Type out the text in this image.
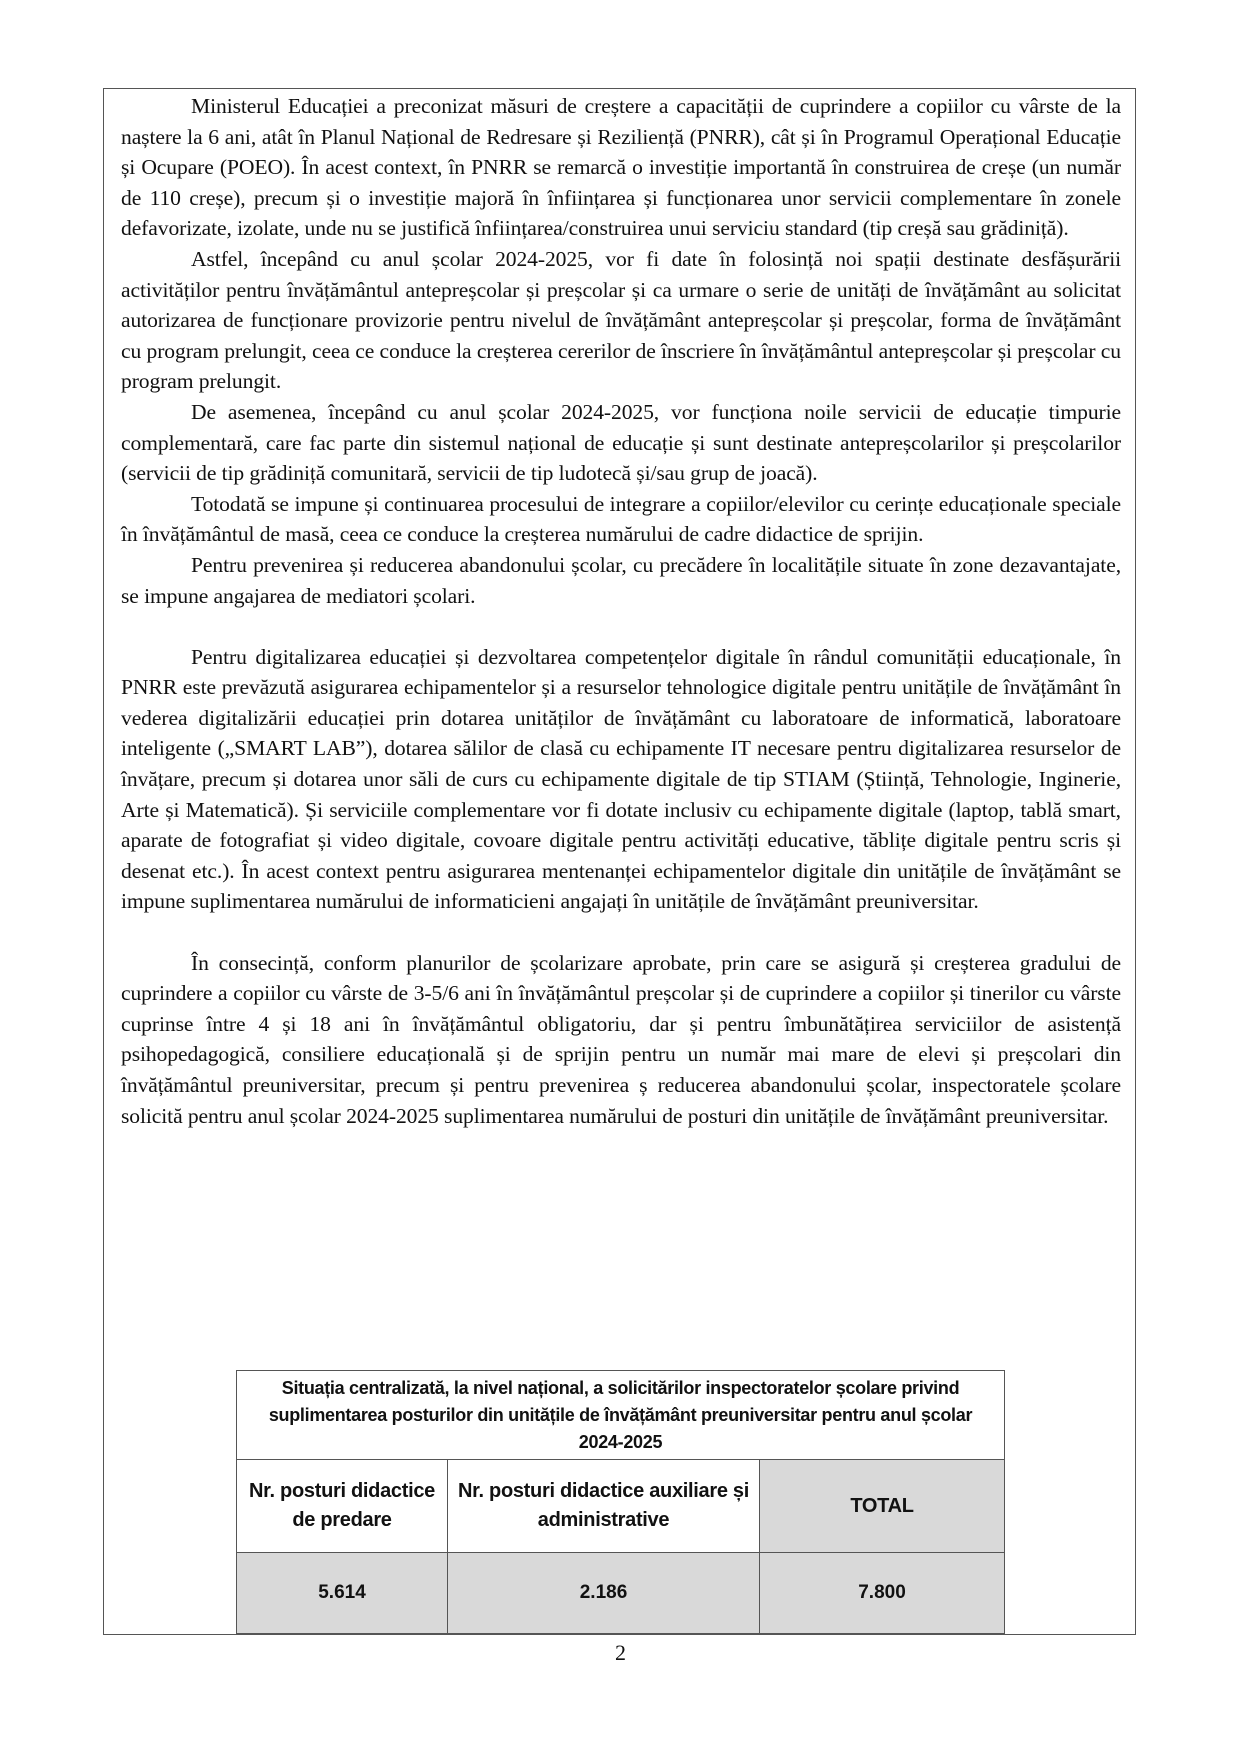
Ministerul Educației a preconizat măsuri de creștere a capacității de cuprindere a copiilor cu vârste de la naștere la 6 ani, atât în Planul Național de Redresare și Reziliență (PNRR), cât și în Programul Operațional Educație și Ocupare (POEO). În acest context, în PNRR se remarcă o investiție importantă în construirea de creșe (un număr de 110 creșe), precum și o investiție majoră în înființarea și funcționarea unor servicii complementare în zonele defavorizate, izolate, unde nu se justifică înființarea/construirea unui serviciu standard (tip creșă sau grădiniță).

Astfel, începând cu anul școlar 2024-2025, vor fi date în folosință noi spații destinate desfășurării activităților pentru învățământul antepreșcolar și preșcolar și ca urmare o serie de unități de învățământ au solicitat autorizarea de funcționare provizorie pentru nivelul de învățământ antepreșcolar și preșcolar, forma de învățământ cu program prelungit, ceea ce conduce la creșterea cererilor de înscriere în învățământul antepreșcolar și preșcolar cu program prelungit.

De asemenea, începând cu anul școlar 2024-2025, vor funcționa noile servicii de educație timpurie complementară, care fac parte din sistemul național de educație și sunt destinate antepreșcolarilor și preșcolarilor (servicii de tip grădiniță comunitară, servicii de tip ludotecă și/sau grup de joacă).

Totodată se impune și continuarea procesului de integrare a copiilor/elevilor cu cerințe educaționale speciale în învățământul de masă, ceea ce conduce la creșterea numărului de cadre didactice de sprijin.

Pentru prevenirea și reducerea abandonului școlar, cu precădere în localitățile situate în zone dezavantajate, se impune angajarea de mediatori școlari.

Pentru digitalizarea educației și dezvoltarea competențelor digitale în rândul comunității educaționale, în PNRR este prevăzută asigurarea echipamentelor și a resurselor tehnologice digitale pentru unitățile de învățământ în vederea digitalizării educației prin dotarea unităților de învățământ cu laboratoare de informatică, laboratoare inteligente („SMART LAB”), dotarea sălilor de clasă cu echipamente IT necesare pentru digitalizarea resurselor de învățare, precum și dotarea unor săli de curs cu echipamente digitale de tip STIAM (Știință, Tehnologie, Inginerie, Arte și Matematică). Și serviciile complementare vor fi dotate inclusiv cu echipamente digitale (laptop, tablă smart, aparate de fotografiat și video digitale, covoare digitale pentru activități educative, tăblițe digitale pentru scris și desenat etc.). În acest context pentru asigurarea mentenanței echipamentelor digitale din unitățile de învățământ se impune suplimentarea numărului de informaticieni angajați în unitățile de învățământ preuniversitar.

În consecință, conform planurilor de școlarizare aprobate, prin care se asigură și creșterea gradului de cuprindere a copiilor cu vârste de 3-5/6 ani în învățământul preșcolar și de cuprindere a copiilor și tinerilor cu vârste cuprinse între 4 și 18 ani în învățământul obligatoriu, dar și pentru îmbunătățirea serviciilor de asistență psihopedagogică, consiliere educațională și de sprijin pentru un număr mai mare de elevi și preșcolari din învățământul preuniversitar, precum și pentru prevenirea ș reducerea abandonului școlar, inspectoratele școlare solicită pentru anul școlar 2024-2025 suplimentarea numărului de posturi din unitățile de învățământ preuniversitar.

Situația centralizată, la nivel național, a solicitărilor inspectoratelor școlare privind suplimentarea posturilor din unitățile de învățământ preuniversitar pentru anul școlar 2024-2025		
Nr. posturi didactice de predare	Nr. posturi didactice auxiliare și administrative	TOTAL
5.614	2.186	7.800
2
